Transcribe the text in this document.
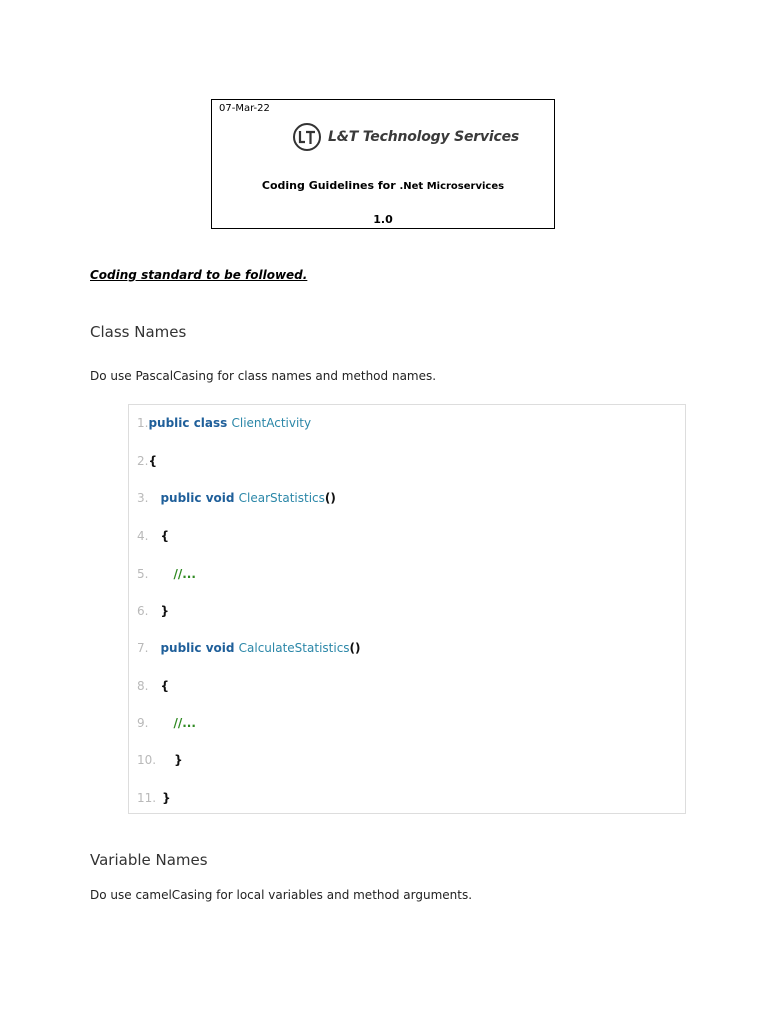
07-Mar-22
L&T Technology Services
Coding Guidelines for .Net Microservices
1.0
Coding standard to be followed.
Class Names
Do use PascalCasing for class names and method names.
1.public class ClientActivity
2.{
3. public void ClearStatistics()
4. {
5. //...
6. }
7. public void CalculateStatistics()
8. {
9. //...
10. }
11. }
Variable Names
Do use camelCasing for local variables and method arguments.
